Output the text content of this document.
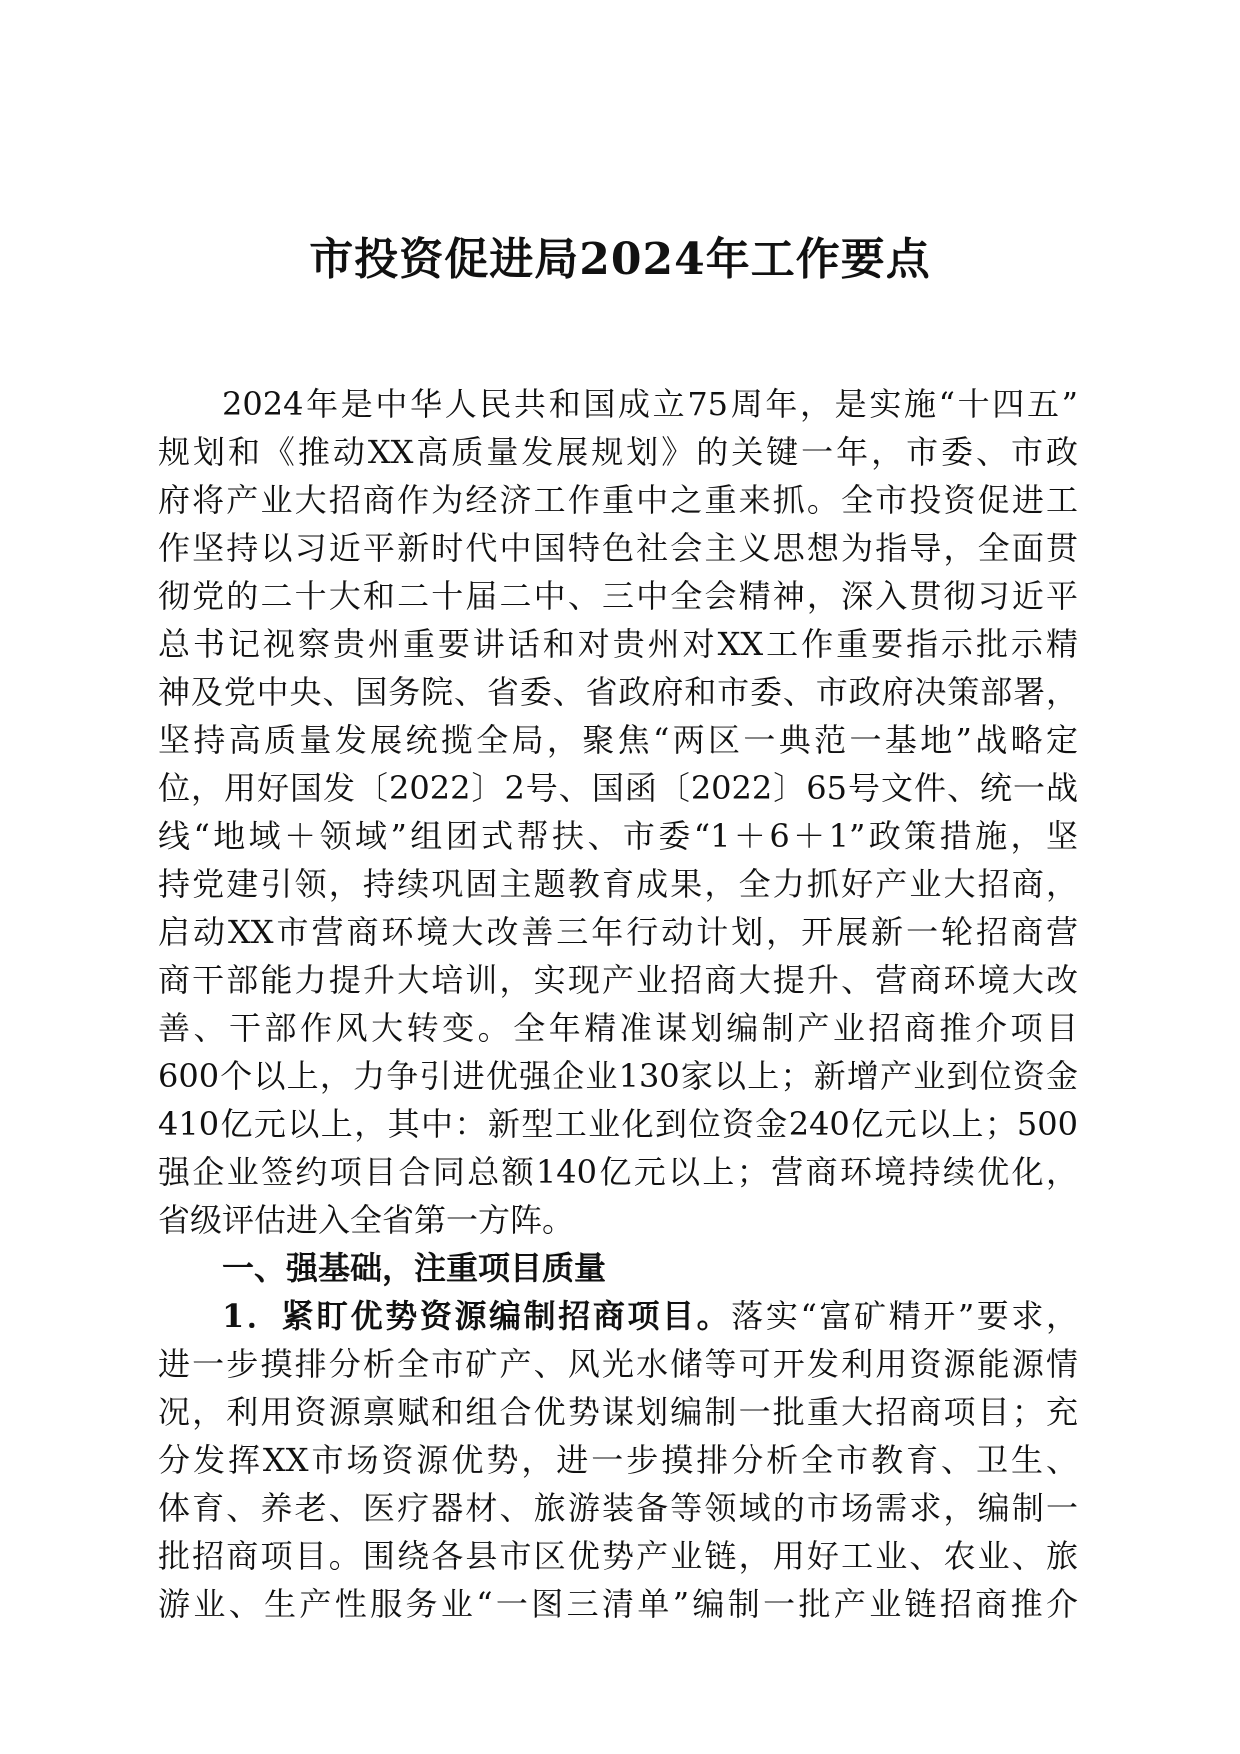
市投资促进局2024年工作要点
2024年是中华人民共和国成立75周年，是实施“十四五”
规划和《推动XX高质量发展规划》的关键一年，市委、市政
府将产业大招商作为经济工作重中之重来抓。全市投资促进工
作坚持以习近平新时代中国特色社会主义思想为指导，全面贯
彻党的二十大和二十届二中、三中全会精神，深入贯彻习近平
总书记视察贵州重要讲话和对贵州对XX工作重要指示批示精
神及党中央、国务院、省委、省政府和市委、市政府决策部署，
坚持高质量发展统揽全局，聚焦“两区一典范一基地”战略定
位，用好国发〔2022〕2号、国函〔2022〕65号文件、统一战
线“地域＋领域”组团式帮扶、市委“1＋6＋1”政策措施，坚
持党建引领，持续巩固主题教育成果，全力抓好产业大招商，
启动XX市营商环境大改善三年行动计划，开展新一轮招商营
商干部能力提升大培训，实现产业招商大提升、营商环境大改
善、干部作风大转变。全年精准谋划编制产业招商推介项目
600个以上，力争引进优强企业130家以上；新增产业到位资金
410亿元以上，其中：新型工业化到位资金240亿元以上；500
强企业签约项目合同总额140亿元以上；营商环境持续优化，
省级评估进入全省第一方阵。
一、强基础，注重项目质量
1．紧盯优势资源编制招商项目。落实“富矿精开”要求，
进一步摸排分析全市矿产、风光水储等可开发利用资源能源情
况，利用资源禀赋和组合优势谋划编制一批重大招商项目；充
分发挥XX市场资源优势，进一步摸排分析全市教育、卫生、
体育、养老、医疗器材、旅游装备等领域的市场需求，编制一
批招商项目。围绕各县市区优势产业链，用好工业、农业、旅
游业、生产性服务业“一图三清单”编制一批产业链招商推介
